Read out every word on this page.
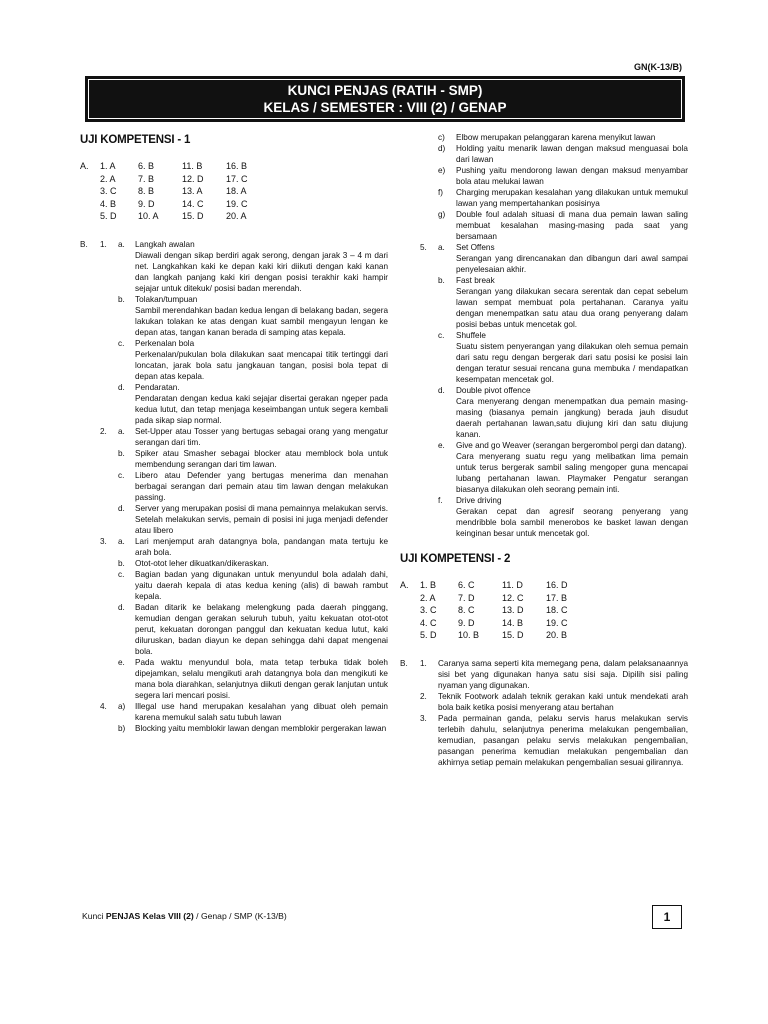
GN(K-13/B)
KUNCI PENJAS (RATIH - SMP)
KELAS / SEMESTER : VIII (2) / GENAP
UJI KOMPETENSI - 1
A.	1. A	6. B	11. B	16. B
2. A	7. B	12. D	17. C
3. C	8. B	13. A	18. A
4. B	9. D	14. C	19. C
5. D	10. A	15. D	20. A
B.	1.	a.	Langkah awalan
Diawali dengan sikap berdiri agak serong, dengan jarak 3 – 4 m dari net. Langkahkan kaki ke depan kaki kiri diikuti dengan kaki kanan dan langkah panjang kaki kiri dengan posisi terakhir kaki hampir sejajar untuk ditekuk/ posisi badan merendah.
b.	Tolakan/tumpuan
Sambil merendahkan badan kedua lengan di belakang badan, segera lakukan tolakan ke atas dengan kuat sambil mengayun lengan ke depan atas, tangan kanan berada di samping atas kepala.
c.	Perkenalan bola
Perkenalan/pukulan bola dilakukan saat mencapai titik tertinggi dari loncatan, jarak bola satu jangkauan tangan, posisi bola tepat di depan atas kepala.
d.	Pendaratan.
Pendaratan dengan kedua kaki sejajar disertai gerakan ngeper pada kedua lutut, dan tetap menjaga keseimbangan untuk segera kembali pada sikap siap normal.
2.	a.	Set-Upper atau Tosser yang bertugas sebagai orang yang mengatur serangan dari tim.
b.	Spiker atau Smasher sebagai blocker atau memblock bola untuk membendung serangan dari tim lawan.
c.	Libero atau Defender yang bertugas menerima dan menahan berbagai serangan dari pemain atau tim lawan dengan melakukan passing.
d.	Server yang merupakan posisi di mana pemainnya melakukan servis. Setelah melakukan servis, pemain di posisi ini juga menjadi defender atau libero
3.	a.	Lari menjemput arah datangnya bola, pandangan mata tertuju ke arah bola.
b.	Otot-otot leher dikuatkan/dikeraskan.
c.	Bagian badan yang digunakan untuk menyundul bola adalah dahi, yaitu daerah kepala di atas kedua kening (alis) di bawah rambut kepala.
d.	Badan ditarik ke belakang melengkung pada daerah pinggang, kemudian dengan gerakan seluruh tubuh, yaitu kekuatan otot-otot perut, kekuatan dorongan panggul dan kekuatan kedua lutut, kaki diluruskan, badan diayun ke depan sehingga dahi dapat mengenai bola.
e.	Pada waktu menyundul bola, mata tetap terbuka tidak boleh dipejamkan, selalu mengikuti arah datangnya bola dan mengikuti ke mana bola diarahkan, selanjutnya diikuti dengan gerak lanjutan untuk segera lari mencari posisi.
4.	a)	Illegal use hand merupakan kesalahan yang dibuat oleh pemain karena memukul salah satu tubuh lawan
b)	Blocking yaitu memblokir lawan dengan memblokir pergerakan lawan
c)	Elbow merupakan pelanggaran karena menyikut lawan
d)	Holding yaitu menarik lawan dengan maksud menguasai bola dari lawan
e)	Pushing yaitu mendorong lawan dengan maksud menyambar bola atau melukai lawan
f)	Charging merupakan kesalahan yang dilakukan untuk memukul lawan yang mempertahankan posisinya
g)	Double foul adalah situasi di mana dua pemain lawan saling membuat kesalahan masing-masing pada saat yang bersamaan
5.	a.	Set Offens
Serangan yang direncanakan dan dibangun dari awal sampai penyelesaian akhir.
b.	Fast break
Serangan yang dilakukan secara serentak dan cepat sebelum lawan sempat membuat pola pertahanan. Caranya yaitu dengan menempatkan satu atau dua orang penyerang dalam posisi bebas untuk mencetak gol.
c.	Shuffele
Suatu sistem penyerangan yang dilakukan oleh semua pemain dari satu regu dengan bergerak dari satu posisi ke posisi lain dengan teratur sesuai rencana guna membuka / mendapatkan kesempatan mencetak gol.
d.	Double pivot offence
Cara menyerang dengan menempatkan dua pemain masing-masing (biasanya pemain jangkung) berada jauh disudut daerah pertahanan lawan,satu diujung kiri dan satu diujung kanan.
e.	Give and go Weaver (serangan bergerombol pergi dan datang).
Cara menyerang suatu regu yang melibatkan lima pemain untuk terus bergerak sambil saling mengoper guna mencapai lubang pertahanan lawan. Playmaker Pengatur serangan biasanya dilakukan oleh seorang pemain inti.
f.	Drive driving
Gerakan cepat dan agresif seorang penyerang yang mendribble bola sambil menerobos ke basket lawan dengan keinginan besar untuk mencetak gol.
UJI KOMPETENSI - 2
A.	1. B	6. C	11. D	16. D
2. A	7. D	12. C	17. B
3. C	8. C	13. D	18. C
4. C	9. D	14. B	19. C
5. D	10. B	15. D	20. B
B.	1.	Caranya sama seperti kita memegang pena, dalam pelaksanaannya sisi bet yang digunakan hanya satu sisi saja. Dipilih sisi paling nyaman yang digunakan.
2.	Teknik Footwork adalah teknik gerakan kaki untuk mendekati arah bola baik ketika posisi menyerang atau bertahan
3.	Pada permainan ganda, pelaku servis harus melakukan servis terlebih dahulu, selanjutnya penerima melakukan pengembalian, kemudian, pasangan pelaku servis melakukan pengembalian, pasangan penerima kemudian melakukan pengembalian dan akhirnya setiap pemain melakukan pengembalian sesuai gilirannya.
Kunci PENJAS Kelas VIII (2) / Genap / SMP (K-13/B)	1
